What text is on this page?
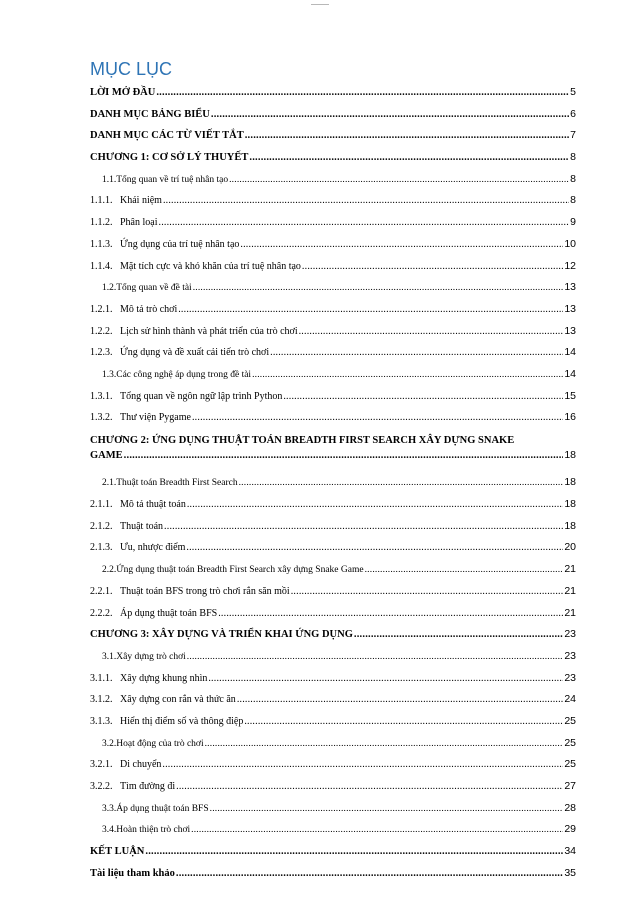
MỤC LỤC
LỜI MỞ ĐẦU .....	5
DANH MỤC BẢNG BIỂU .....	6
DANH MỤC CÁC TỪ VIẾT TẮT .....	7
CHƯƠNG 1: CƠ SỞ LÝ THUYẾT .....	8
1.1. Tổng quan về trí tuệ nhân tạo .....	8
1.1.1. Khái niệm .....	8
1.1.2. Phân loại .....	9
1.1.3. Ứng dụng của trí tuệ nhân tạo .....	10
1.1.4. Mặt tích cực và khó khăn của trí tuệ nhân tạo .....	12
1.2. Tổng quan về đề tài .....	13
1.2.1. Mô tả trò chơi .....	13
1.2.2. Lịch sử hình thành và phát triển của trò chơi .....	13
1.2.3. Ứng dụng và đề xuất cải tiến trò chơi .....	14
1.3. Các công nghệ áp dụng trong đề tài .....	14
1.3.1. Tổng quan về ngôn ngữ lập trình Python .....	15
1.3.2. Thư viện Pygame .....	16
CHƯƠNG 2: ỨNG DỤNG THUẬT TOÁN BREADTH FIRST SEARCH XÂY DỰNG SNAKE
GAME .....	18
2.1. Thuật toán Breadth First Search .....	18
2.1.1. Mô tả thuật toán .....	18
2.1.2. Thuật toán .....	18
2.1.3. Ưu, nhược điểm .....	20
2.2. Ứng dụng thuật toán Breadth First Search xây dựng Snake Game .....	21
2.2.1. Thuật toán BFS trong trò chơi rắn săn mồi .....	21
2.2.2. Áp dụng thuật toán BFS .....	21
CHƯƠNG 3: XÂY DỰNG VÀ TRIỂN KHAI ỨNG DỤNG .....	23
3.1. Xây dựng trò chơi .....	23
3.1.1. Xây dựng khung nhìn .....	23
3.1.2. Xây dựng con rắn và thức ăn .....	24
3.1.3. Hiển thị điểm số và thông điệp .....	25
3.2. Hoạt động của trò chơi .....	25
3.2.1. Di chuyển .....	25
3.2.2. Tìm đường đi .....	27
3.3. Áp dụng thuật toán BFS .....	28
3.4. Hoàn thiện trò chơi .....	29
KẾT LUẬN .....	34
Tài liệu tham khảo .....	35
